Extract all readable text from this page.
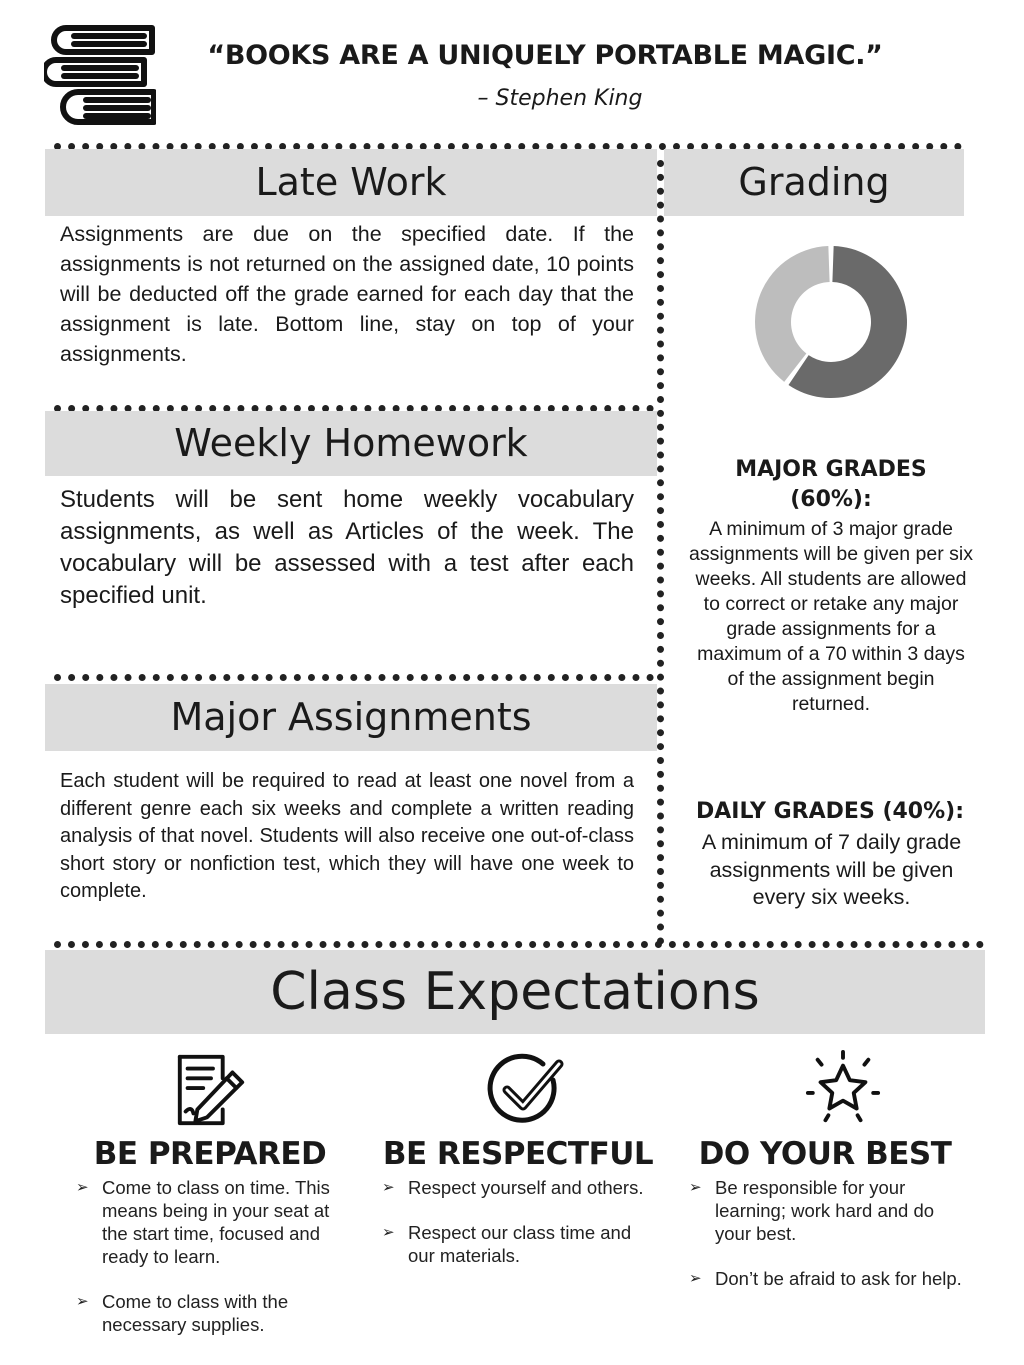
“BOOKS ARE A UNIQUELY PORTABLE MAGIC.”
– Stephen King
Late Work
Assignments are due on the specified date. If the assignments is not returned on the assigned date, 10 points will be deducted off the grade earned for each day that the assignment is late. Bottom line, stay on top of your assignments.
Grading
MAJOR GRADES (60%):
A minimum of 3 major grade assignments will be given per six weeks. All students are allowed to correct or retake any major grade assignments for a maximum of a 70 within 3 days of the assignment begin returned.
DAILY GRADES (40%):
A minimum of 7 daily grade assignments will be given every six weeks.
Weekly Homework
Students will be sent home weekly vocabulary assignments, as well as Articles of the week. The vocabulary will be assessed with a test after each specified unit.
Major Assignments
Each student will be required to read at least one novel from a different genre each six weeks and complete a written reading analysis of that novel. Students will also receive one out-of-class short story or nonfiction test, which they will have one week to complete.
Class Expectations
BE PREPARED
➢ Come to class on time. This means being in your seat at the start time, focused and ready to learn.
➢ Come to class with the necessary supplies.
BE RESPECTFUL
➢ Respect yourself and others.
➢ Respect our class time and our materials.
DO YOUR BEST
➢ Be responsible for your learning; work hard and do your best.
➢ Don’t be afraid to ask for help.
